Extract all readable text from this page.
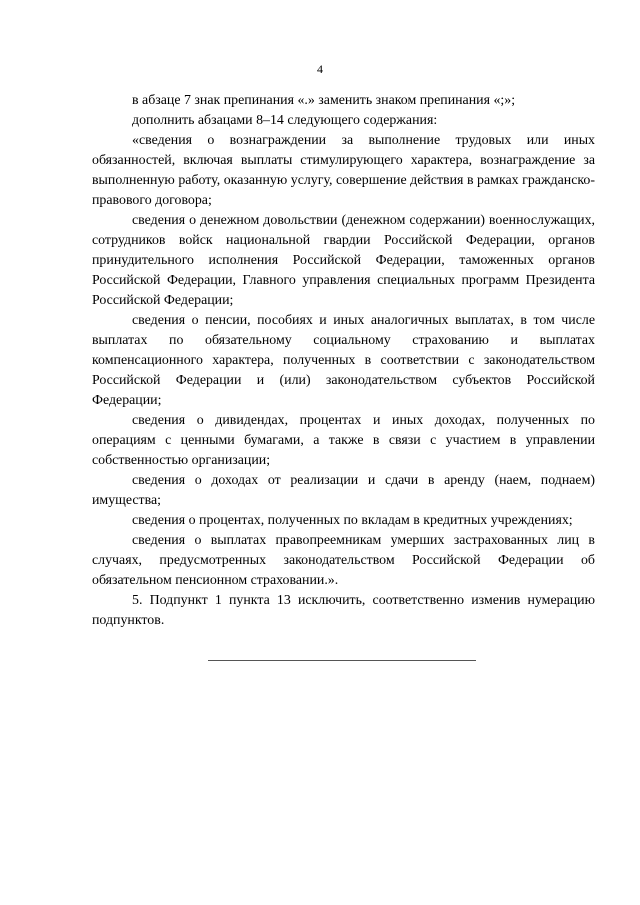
4

в абзаце 7 знак препинания «.» заменить знаком препинания «;»;

дополнить абзацами 8–14 следующего содержания:

«сведения о вознаграждении за выполнение трудовых или иных обязанностей, включая выплаты стимулирующего характера, вознаграждение за выполненную работу, оказанную услугу, совершение действия в рамках гражданско-правового договора;

сведения о денежном довольствии (денежном содержании) военнослужащих, сотрудников войск национальной гвардии Российской Федерации, органов принудительного исполнения Российской Федерации, таможенных органов Российской Федерации, Главного управления специальных программ Президента Российской Федерации;

сведения о пенсии, пособиях и иных аналогичных выплатах, в том числе выплатах по обязательному социальному страхованию и выплатах компенсационного характера, полученных в соответствии с законодательством Российской Федерации и (или) законодательством субъектов Российской Федерации;

сведения о дивидендах, процентах и иных доходах, полученных по операциям с ценными бумагами, а также в связи с участием в управлении собственностью организации;

сведения о доходах от реализации и сдачи в аренду (наем, поднаем) имущества;

сведения о процентах, полученных по вкладам в кредитных учреждениях;

сведения о выплатах правопреемникам умерших застрахованных лиц в случаях, предусмотренных законодательством Российской Федерации об обязательном пенсионном страховании.».

5. Подпункт 1 пункта 13 исключить, соответственно изменив нумерацию подпунктов.
